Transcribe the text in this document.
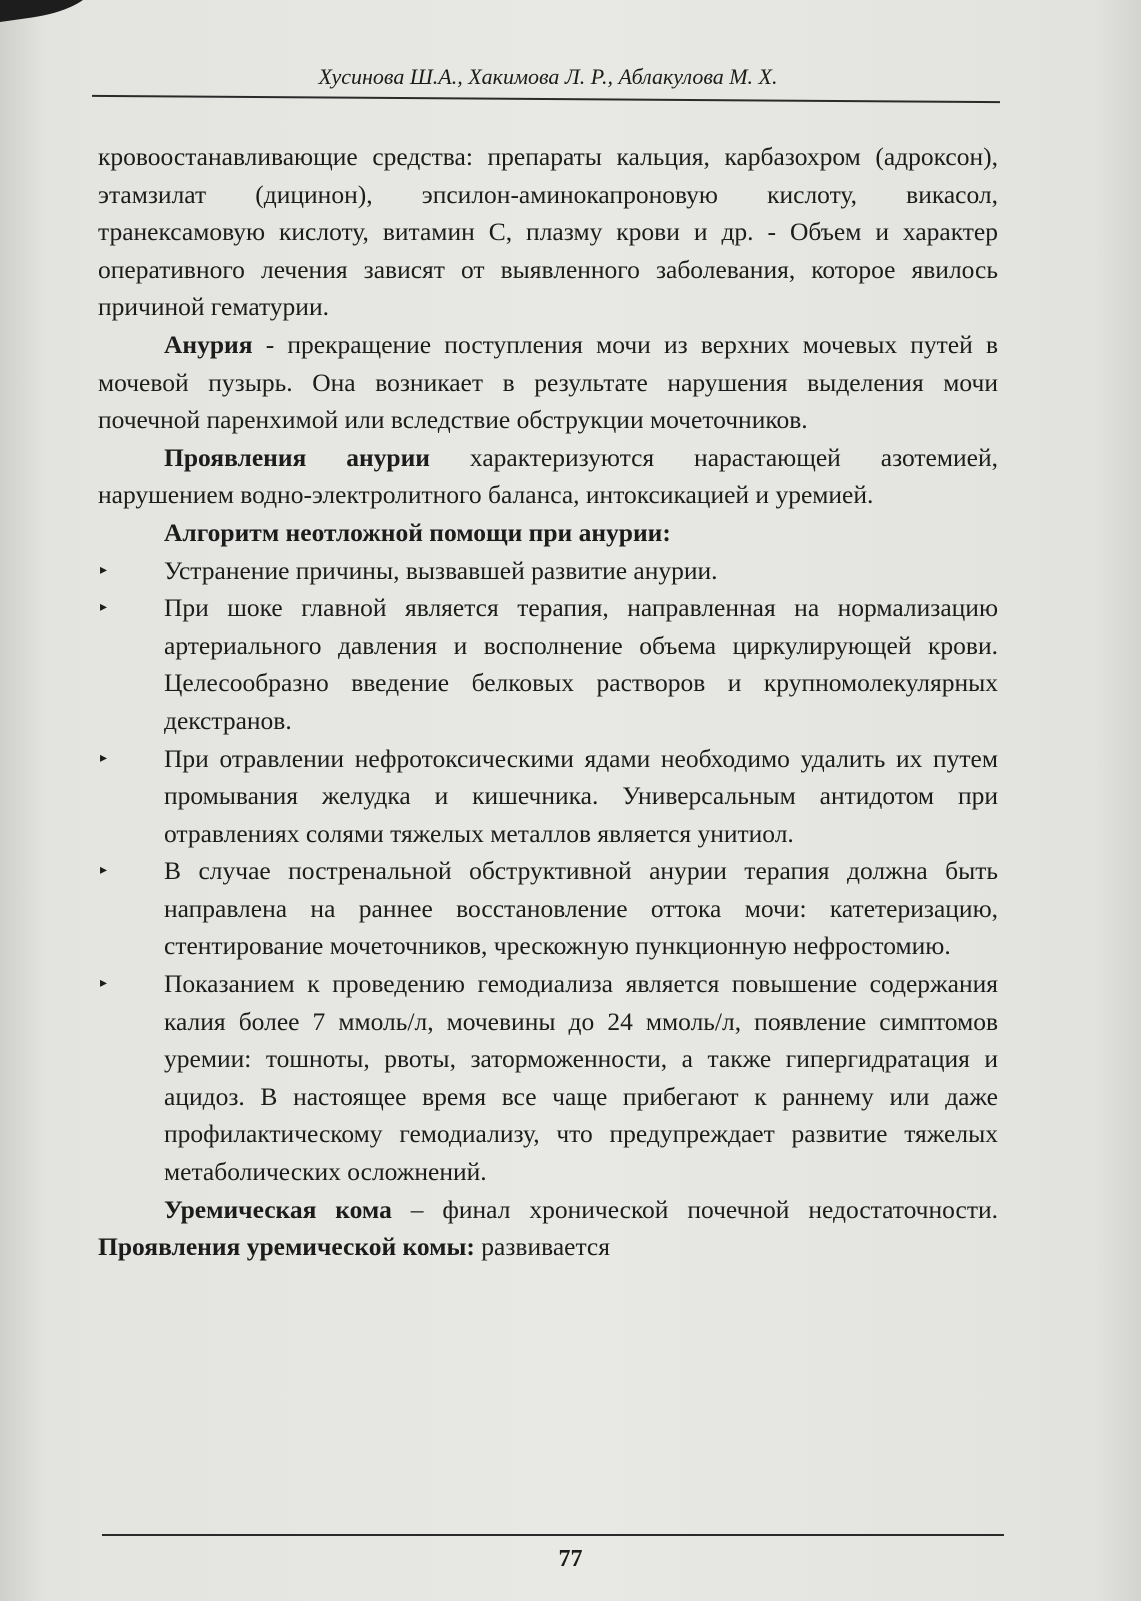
Хусинова Ш.А., Хакимова Л. Р., Аблакулова М. Х.

кровоостанавливающие средства: препараты кальция, карбазохром (адроксон), этамзилат (дицинон), эпсилон-аминокапроновую кислоту, викасол, транексамовую кислоту, витамин С, плазму крови и др. - Объем и характер оперативного лечения зависят от выявленного заболевания, которое явилось причиной гематурии.

Анурия - прекращение поступления мочи из верхних мочевых путей в мочевой пузырь. Она возникает в результате нарушения выделения мочи почечной паренхимой или вследствие обструкции мочеточников.

Проявления анурии характеризуются нарастающей азотемией, нарушением водно-электролитного баланса, интоксикацией и уремией.

Алгоритм неотложной помощи при анурии:
▸ Устранение причины, вызвавшей развитие анурии.
▸ При шоке главной является терапия, направленная на нормализацию артериального давления и восполнение объема циркулирующей крови. Целесообразно введение белковых растворов и крупномолекулярных декстранов.
▸ При отравлении нефротоксическими ядами необходимо удалить их путем промывания желудка и кишечника. Универсальным антидотом при отравлениях солями тяжелых металлов является унитиол.
▸ В случае постренальной обструктивной анурии терапия должна быть направлена на раннее восстановление оттока мочи: катетеризацию, стентирование мочеточников, чрескожную пункционную нефростомию.
▸ Показанием к проведению гемодиализа является повышение содержания калия более 7 ммоль/л, мочевины до 24 ммоль/л, появление симптомов уремии: тошноты, рвоты, заторможенности, а также гипергидратация и ацидоз. В настоящее время все чаще прибегают к раннему или даже профилактическому гемодиализу, что предупреждает развитие тяжелых метаболических осложнений.

Уремическая кома – финал хронической почечной недостаточности. Проявления уремической комы: развивается

77
